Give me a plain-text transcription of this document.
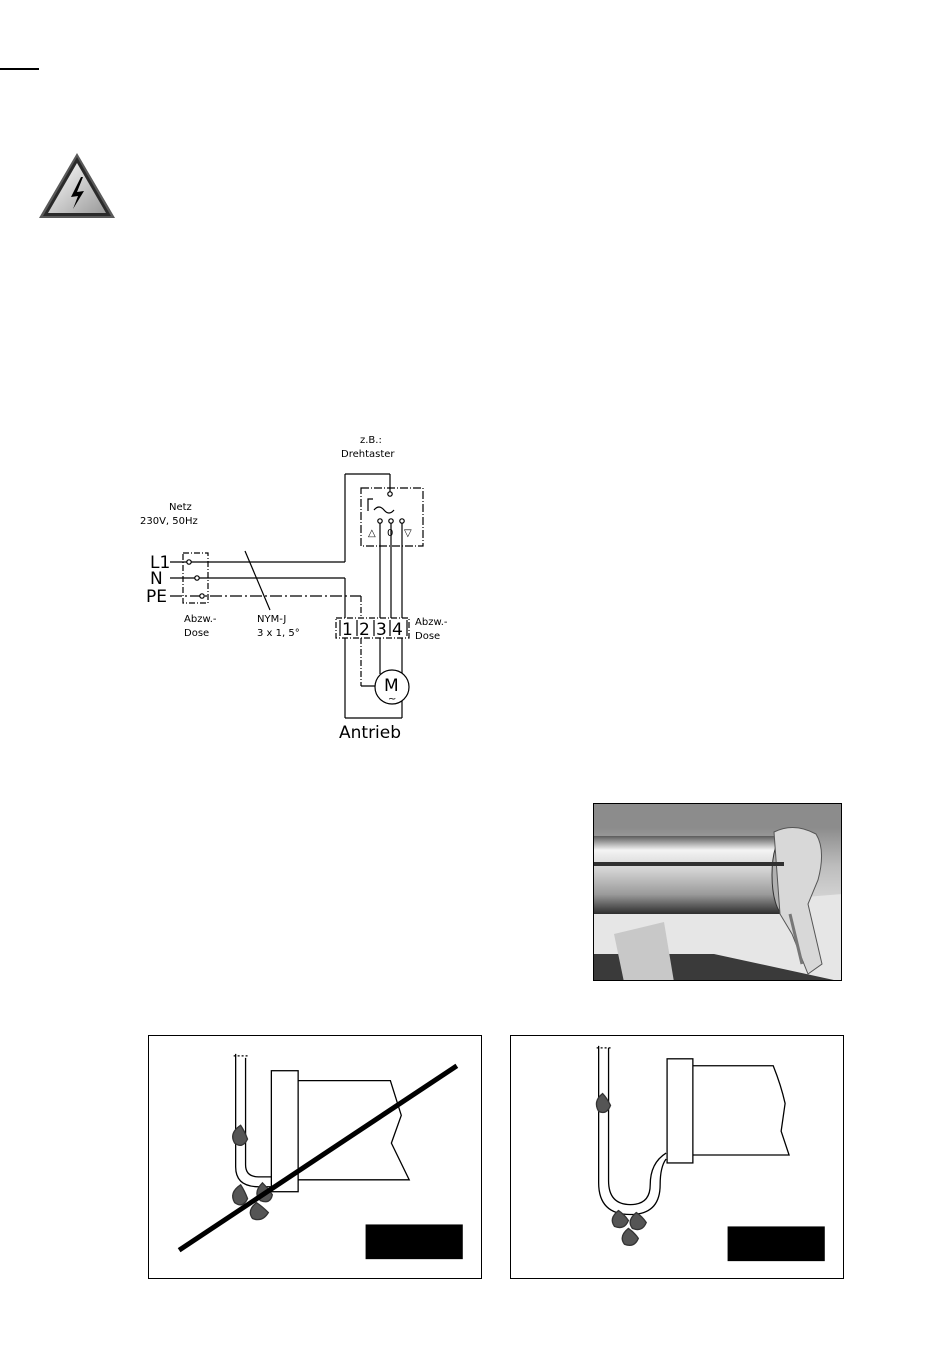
z.B.:
Drehtaster
Netz
230V, 50Hz
L1
N
PE
Abzw.-
Dose
NYM-J
3 x 1, 5°
△ 0 ▽
1 2 3 4 Abzw.-
Dose
M
~
Antrieb
